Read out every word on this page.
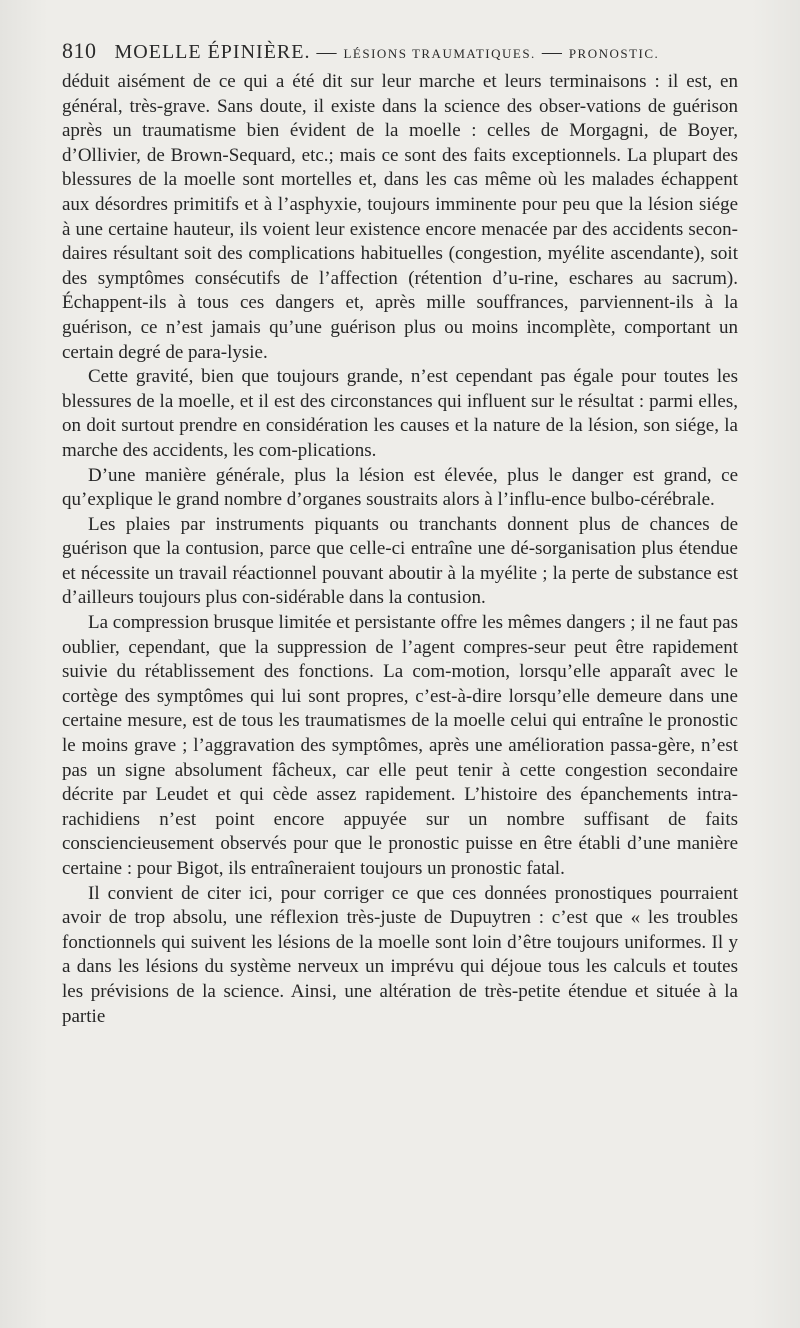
810 MOELLE ÉPINIÈRE. — LÉSIONS TRAUMATIQUES. — PRONOSTIC.

déduit aisément de ce qui a été dit sur leur marche et leurs terminaisons : il est, en général, très-grave. Sans doute, il existe dans la science des obser-vations de guérison après un traumatisme bien évident de la moelle : celles de Morgagni, de Boyer, d’Ollivier, de Brown-Sequard, etc.; mais ce sont des faits exceptionnels. La plupart des blessures de la moelle sont mortelles et, dans les cas même où les malades échappent aux désordres primitifs et à l’asphyxie, toujours imminente pour peu que la lésion siége à une certaine hauteur, ils voient leur existence encore menacée par des accidents secon-daires résultant soit des complications habituelles (congestion, myélite ascendante), soit des symptômes consécutifs de l’affection (rétention d’u-rine, eschares au sacrum). Échappent-ils à tous ces dangers et, après mille souffrances, parviennent-ils à la guérison, ce n’est jamais qu’une guérison plus ou moins incomplète, comportant un certain degré de para-lysie.

Cette gravité, bien que toujours grande, n’est cependant pas égale pour toutes les blessures de la moelle, et il est des circonstances qui influent sur le résultat : parmi elles, on doit surtout prendre en considération les causes et la nature de la lésion, son siége, la marche des accidents, les com-plications.

D’une manière générale, plus la lésion est élevée, plus le danger est grand, ce qu’explique le grand nombre d’organes soustraits alors à l’influ-ence bulbo-cérébrale.

Les plaies par instruments piquants ou tranchants donnent plus de chances de guérison que la contusion, parce que celle-ci entraîne une dé-sorganisation plus étendue et nécessite un travail réactionnel pouvant aboutir à la myélite ; la perte de substance est d’ailleurs toujours plus con-sidérable dans la contusion.

La compression brusque limitée et persistante offre les mêmes dangers ; il ne faut pas oublier, cependant, que la suppression de l’agent compres-seur peut être rapidement suivie du rétablissement des fonctions. La com-motion, lorsqu’elle apparaît avec le cortège des symptômes qui lui sont propres, c’est-à-dire lorsqu’elle demeure dans une certaine mesure, est de tous les traumatismes de la moelle celui qui entraîne le pronostic le moins grave ; l’aggravation des symptômes, après une amélioration passa-gère, n’est pas un signe absolument fâcheux, car elle peut tenir à cette congestion secondaire décrite par Leudet et qui cède assez rapidement. L’histoire des épanchements intra-rachidiens n’est point encore appuyée sur un nombre suffisant de faits consciencieusement observés pour que le pronostic puisse en être établi d’une manière certaine : pour Bigot, ils entraîneraient toujours un pronostic fatal.

Il convient de citer ici, pour corriger ce que ces données pronostiques pourraient avoir de trop absolu, une réflexion très-juste de Dupuytren : c’est que « les troubles fonctionnels qui suivent les lésions de la moelle sont loin d’être toujours uniformes. Il y a dans les lésions du système nerveux un imprévu qui déjoue tous les calculs et toutes les prévisions de la science. Ainsi, une altération de très-petite étendue et située à la partie
